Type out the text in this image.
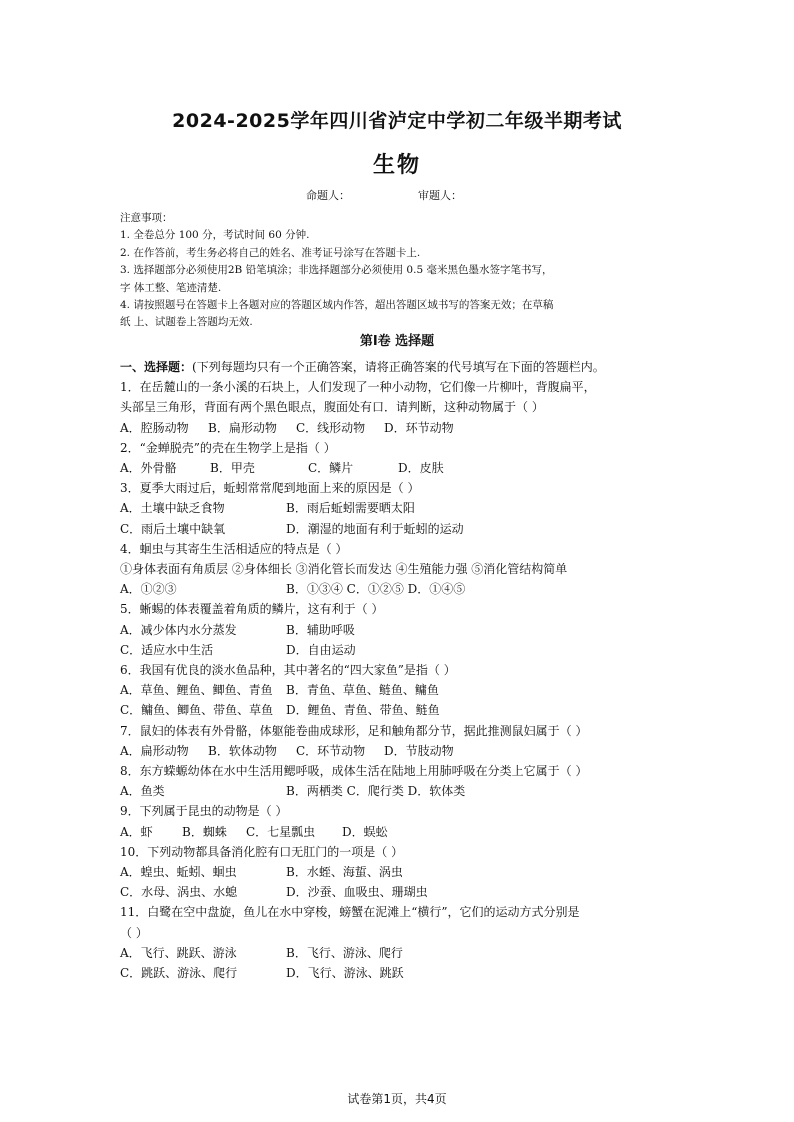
2024-2025学年四川省泸定中学初二年级半期考试
生物
命题人：	审题人：
注意事项：
1. 全卷总分 100 分，考试时间 60 分钟.
2. 在作答前，考生务必将自己的姓名、准考证号涂写在答题卡上.
3. 选择题部分必须使用2B 铅笔填涂；非选择题部分必须使用 0.5 毫米黑色墨水签字笔书写，
字 体工整、笔迹清楚.
4. 请按照题号在答题卡上各题对应的答题区域内作答，超出答题区域书写的答案无效；在草稿
纸 上、试题卷上答题均无效.
第Ⅰ卷 选择题
一、选择题：(下列每题均只有一个正确答案，请将正确答案的代号填写在下面的答题栏内。
1．在岳麓山的一条小溪的石块上，人们发现了一种小动物，它们像一片柳叶，背腹扁平，
头部呈三角形，背面有两个黑色眼点，腹面处有口．请判断，这种动物属于（ ）
A．腔肠动物	B．扁形动物	C．线形动物	D．环节动物
2．“金蝉脱壳”的壳在生物学上是指（ ）
A．外骨骼	B．甲壳	C．鳞片	D．皮肤
3．夏季大雨过后，蚯蚓常常爬到地面上来的原因是（ ）
A．土壤中缺乏食物	B．雨后蚯蚓需要晒太阳
C．雨后土壤中缺氧	D．潮湿的地面有利于蚯蚓的运动
4．蛔虫与其寄生生活相适应的特点是（ ）
①身体表面有角质层 ②身体细长 ③消化管长而发达 ④生殖能力强 ⑤消化管结构简单
A．①②③	B．①③④ C．①②⑤ D．①④⑤
5．蜥蜴的体表覆盖着角质的鳞片，这有利于（ ）
A．减少体内水分蒸发	B．辅助呼吸
C．适应水中生活	D．自由运动
6．我国有优良的淡水鱼品种，其中著名的“四大家鱼”是指（ ）
A．草鱼、鲤鱼、鲫鱼、青鱼	B．青鱼、草鱼、鲢鱼、鳙鱼
C．鳙鱼、鲫鱼、带鱼、草鱼	D．鲤鱼、青鱼、带鱼、鲢鱼
7．鼠妇的体表有外骨骼，体躯能卷曲成球形，足和触角都分节，据此推测鼠妇属于（ ）
A．扁形动物	B．软体动物	C．环节动物	D．节肢动物
8．东方蝾螈幼体在水中生活用鳃呼吸，成体生活在陆地上用肺呼吸在分类上它属于（ ）
A．鱼类	B．两栖类 C．爬行类 D．软体类
9．下列属于昆虫的动物是（ ）
A．虾	B．蜘蛛	C．七星瓢虫	D．蜈蚣
10．下列动物都具备消化腔有口无肛门的一项是（ ）
A．蝗虫、蚯蚓、蛔虫	B．水蛭、海蜇、涡虫
C．水母、涡虫、水螅	D．沙蚕、血吸虫、珊瑚虫
11．白鹭在空中盘旋，鱼儿在水中穿梭，螃蟹在泥滩上“横行”，它们的运动方式分别是
（ ）
A．飞行、跳跃、游泳	B．飞行、游泳、爬行
C．跳跃、游泳、爬行	D．飞行、游泳、跳跃
试卷第1页，共4页
